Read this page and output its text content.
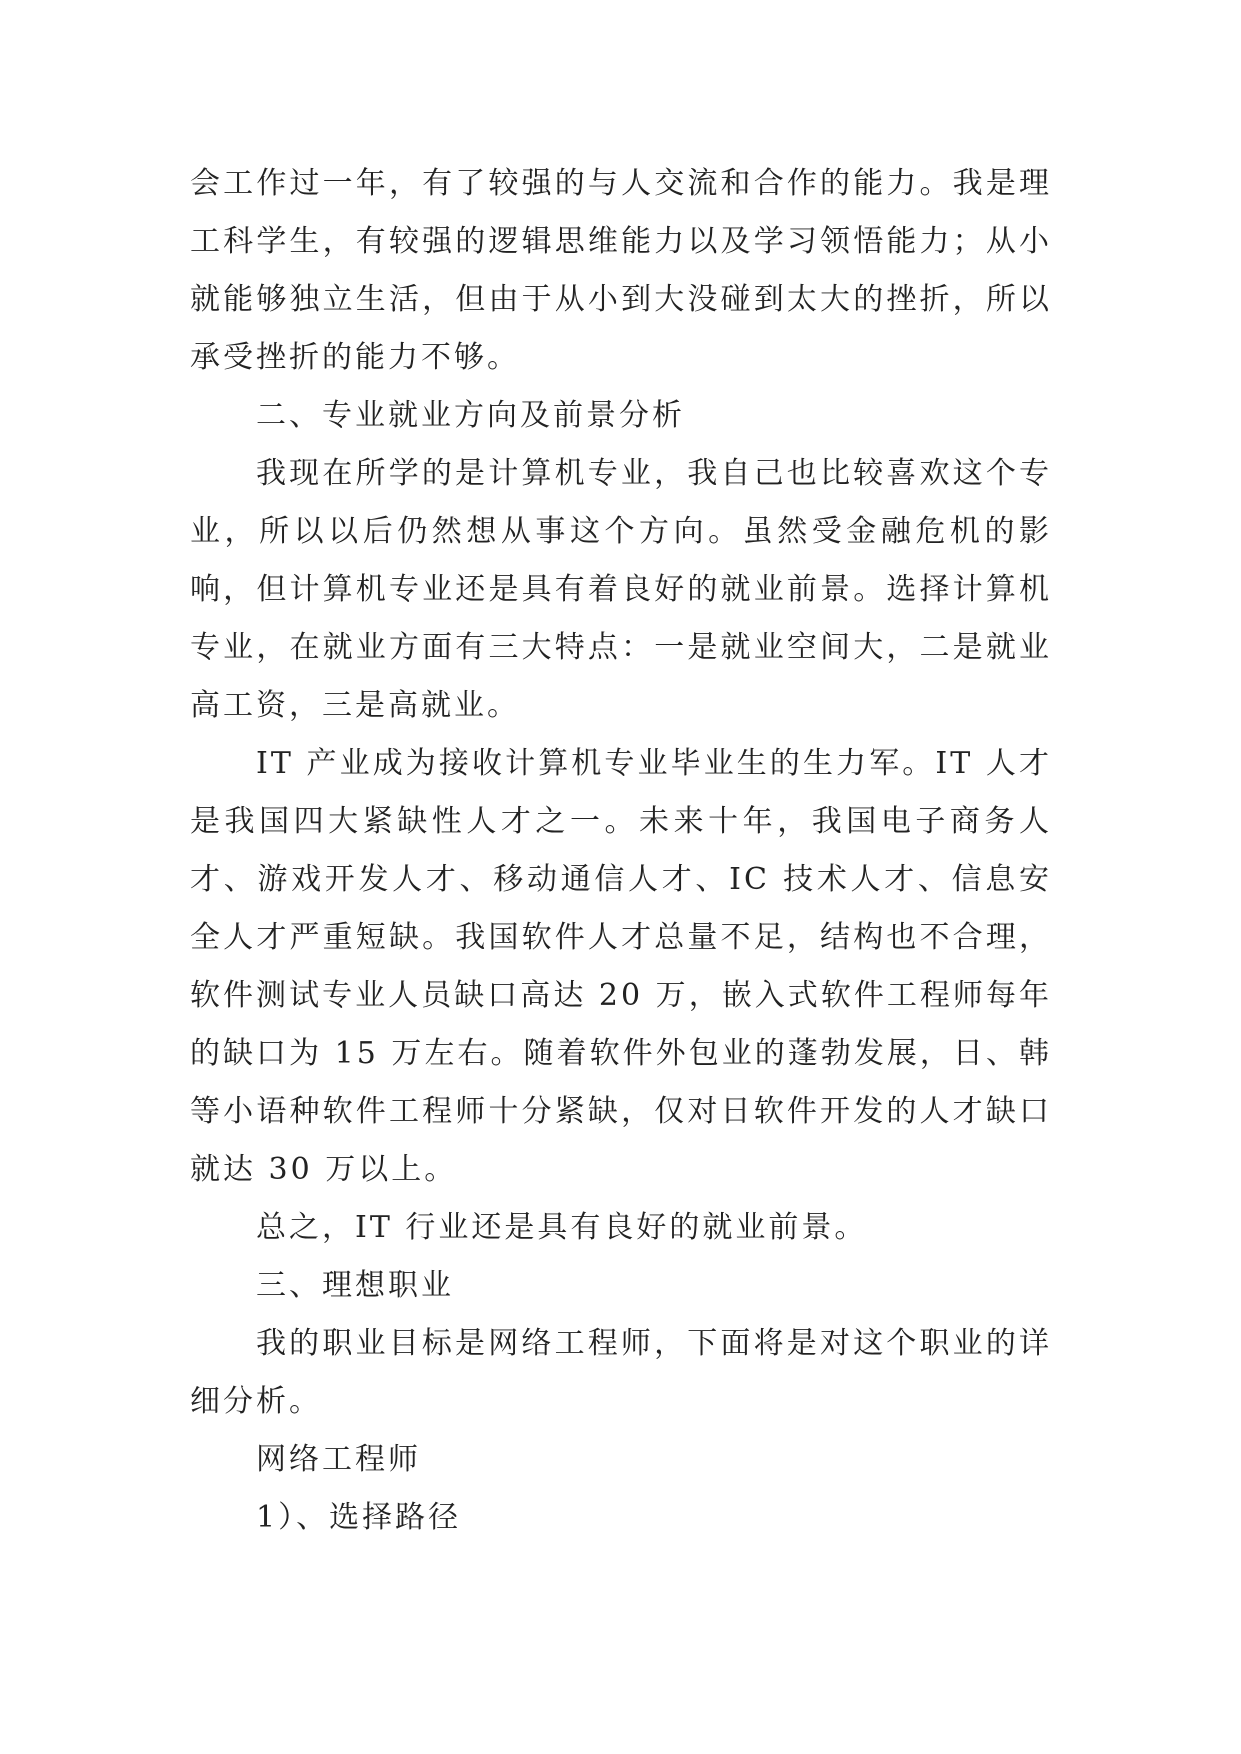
会工作过一年，有了较强的与人交流和合作的能力。我是理工科学生，有较强的逻辑思维能力以及学习领悟能力；从小就能够独立生活，但由于从小到大没碰到太大的挫折，所以承受挫折的能力不够。

二、专业就业方向及前景分析

我现在所学的是计算机专业，我自己也比较喜欢这个专业，所以以后仍然想从事这个方向。虽然受金融危机的影响，但计算机专业还是具有着良好的就业前景。选择计算机专业，在就业方面有三大特点：一是就业空间大，二是就业高工资，三是高就业。

IT 产业成为接收计算机专业毕业生的生力军。IT 人才是我国四大紧缺性人才之一。未来十年，我国电子商务人才、游戏开发人才、移动通信人才、IC 技术人才、信息安全人才严重短缺。我国软件人才总量不足，结构也不合理，软件测试专业人员缺口高达 20 万，嵌入式软件工程师每年的缺口为 15 万左右。随着软件外包业的蓬勃发展，日、韩等小语种软件工程师十分紧缺，仅对日软件开发的人才缺口就达 30 万以上。

总之，IT 行业还是具有良好的就业前景。

三、理想职业

我的职业目标是网络工程师，下面将是对这个职业的详细分析。

网络工程师

1）、选择路径
